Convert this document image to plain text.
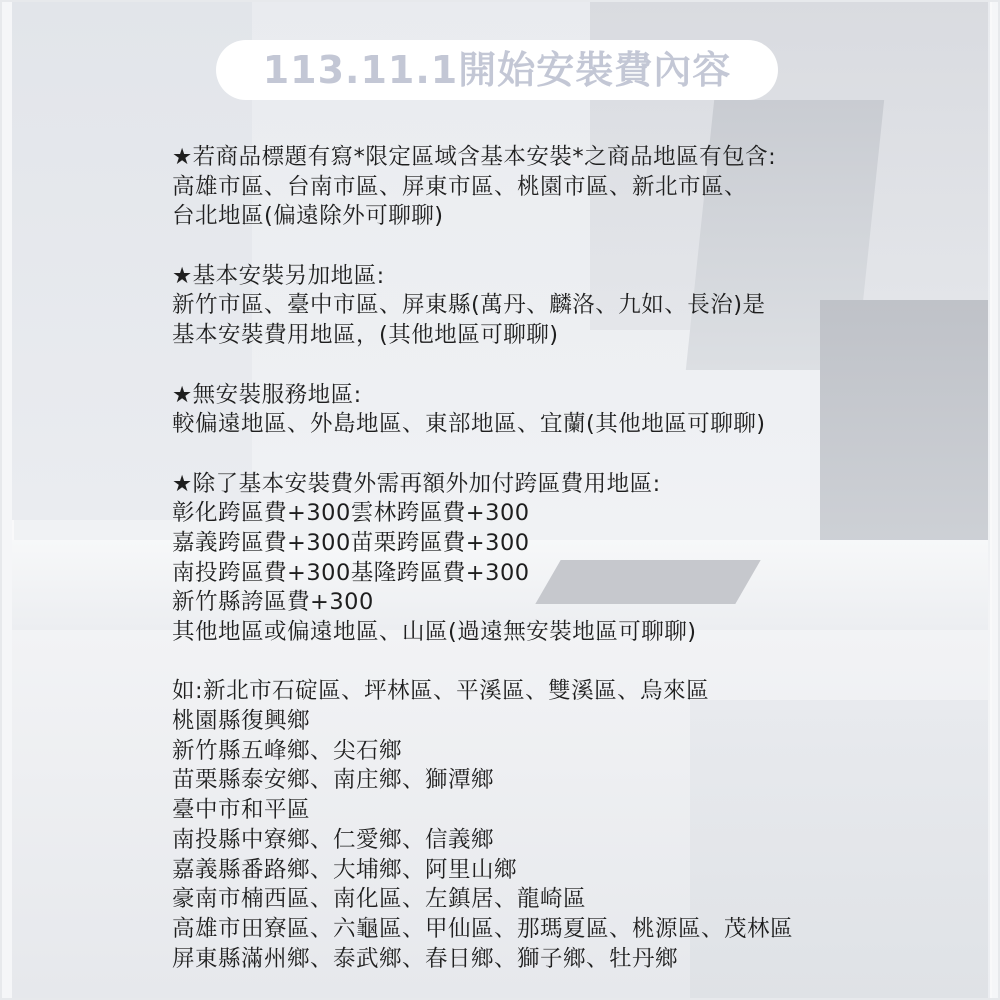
113.11.1開始安裝費內容
★若商品標題有寫*限定區域含基本安裝*之商品地區有包含:
高雄市區、台南市區、屏東市區、桃園市區、新北市區、
台北地區(偏遠除外可聊聊)
★基本安裝另加地區:
新竹市區、臺中市區、屏東縣(萬丹、麟洛、九如、長治)是
基本安裝費用地區，(其他地區可聊聊)
★無安裝服務地區:
較偏遠地區、外島地區、東部地區、宜蘭(其他地區可聊聊)
★除了基本安裝費外需再額外加付跨區費用地區:
彰化跨區費+300雲林跨區費+300
嘉義跨區費+300苗栗跨區費+300
南投跨區費+300基隆跨區費+300
新竹縣誇區費+300
其他地區或偏遠地區、山區(過遠無安裝地區可聊聊)
如:新北市石碇區、坪林區、平溪區、雙溪區、烏來區
桃園縣復興鄉
新竹縣五峰鄉、尖石鄉
苗栗縣泰安鄉、南庄鄉、獅潭鄉
臺中市和平區
南投縣中寮鄉、仁愛鄉、信義鄉
嘉義縣番路鄉、大埔鄉、阿里山鄉
豪南市楠西區、南化區、左鎮居、龍崎區
高雄市田寮區、六龜區、甲仙區、那瑪夏區、桃源區、茂林區
屏東縣滿州鄉、泰武鄉、春日鄉、獅子鄉、牡丹鄉
